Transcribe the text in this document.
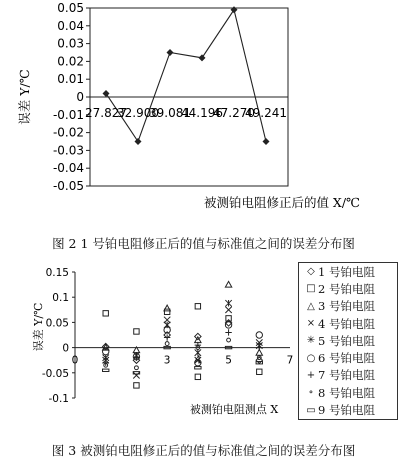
0.05
0.04
0.03
0.02
0.01
0
-0.01
-0.02
-0.03
-0.04
-0.05
27.827
32.900
39.081
44.196
47.270
49.241
误差 Y/℃
被测铂电阻修正后的值 X/℃
图 2 1 号铂电阻修正后的值与标准值之间的误差分布图
0.15
0.1
0.05
0
-0.05
-0.1
0	3 4 5	7
误差 Y/℃
被测铂电阻测点 X
◇ 1 号铂电阻
□ 2 号铂电阻
△ 3 号铂电阻
× 4 号铂电阻
✳ 5 号铂电阻
○ 6 号铂电阻
+ 7 号铂电阻
∘ 8 号铂电阻
▭ 9 号铂电阻
图 3 被测铂电阻修正后的值与标准值之间的误差分布图
